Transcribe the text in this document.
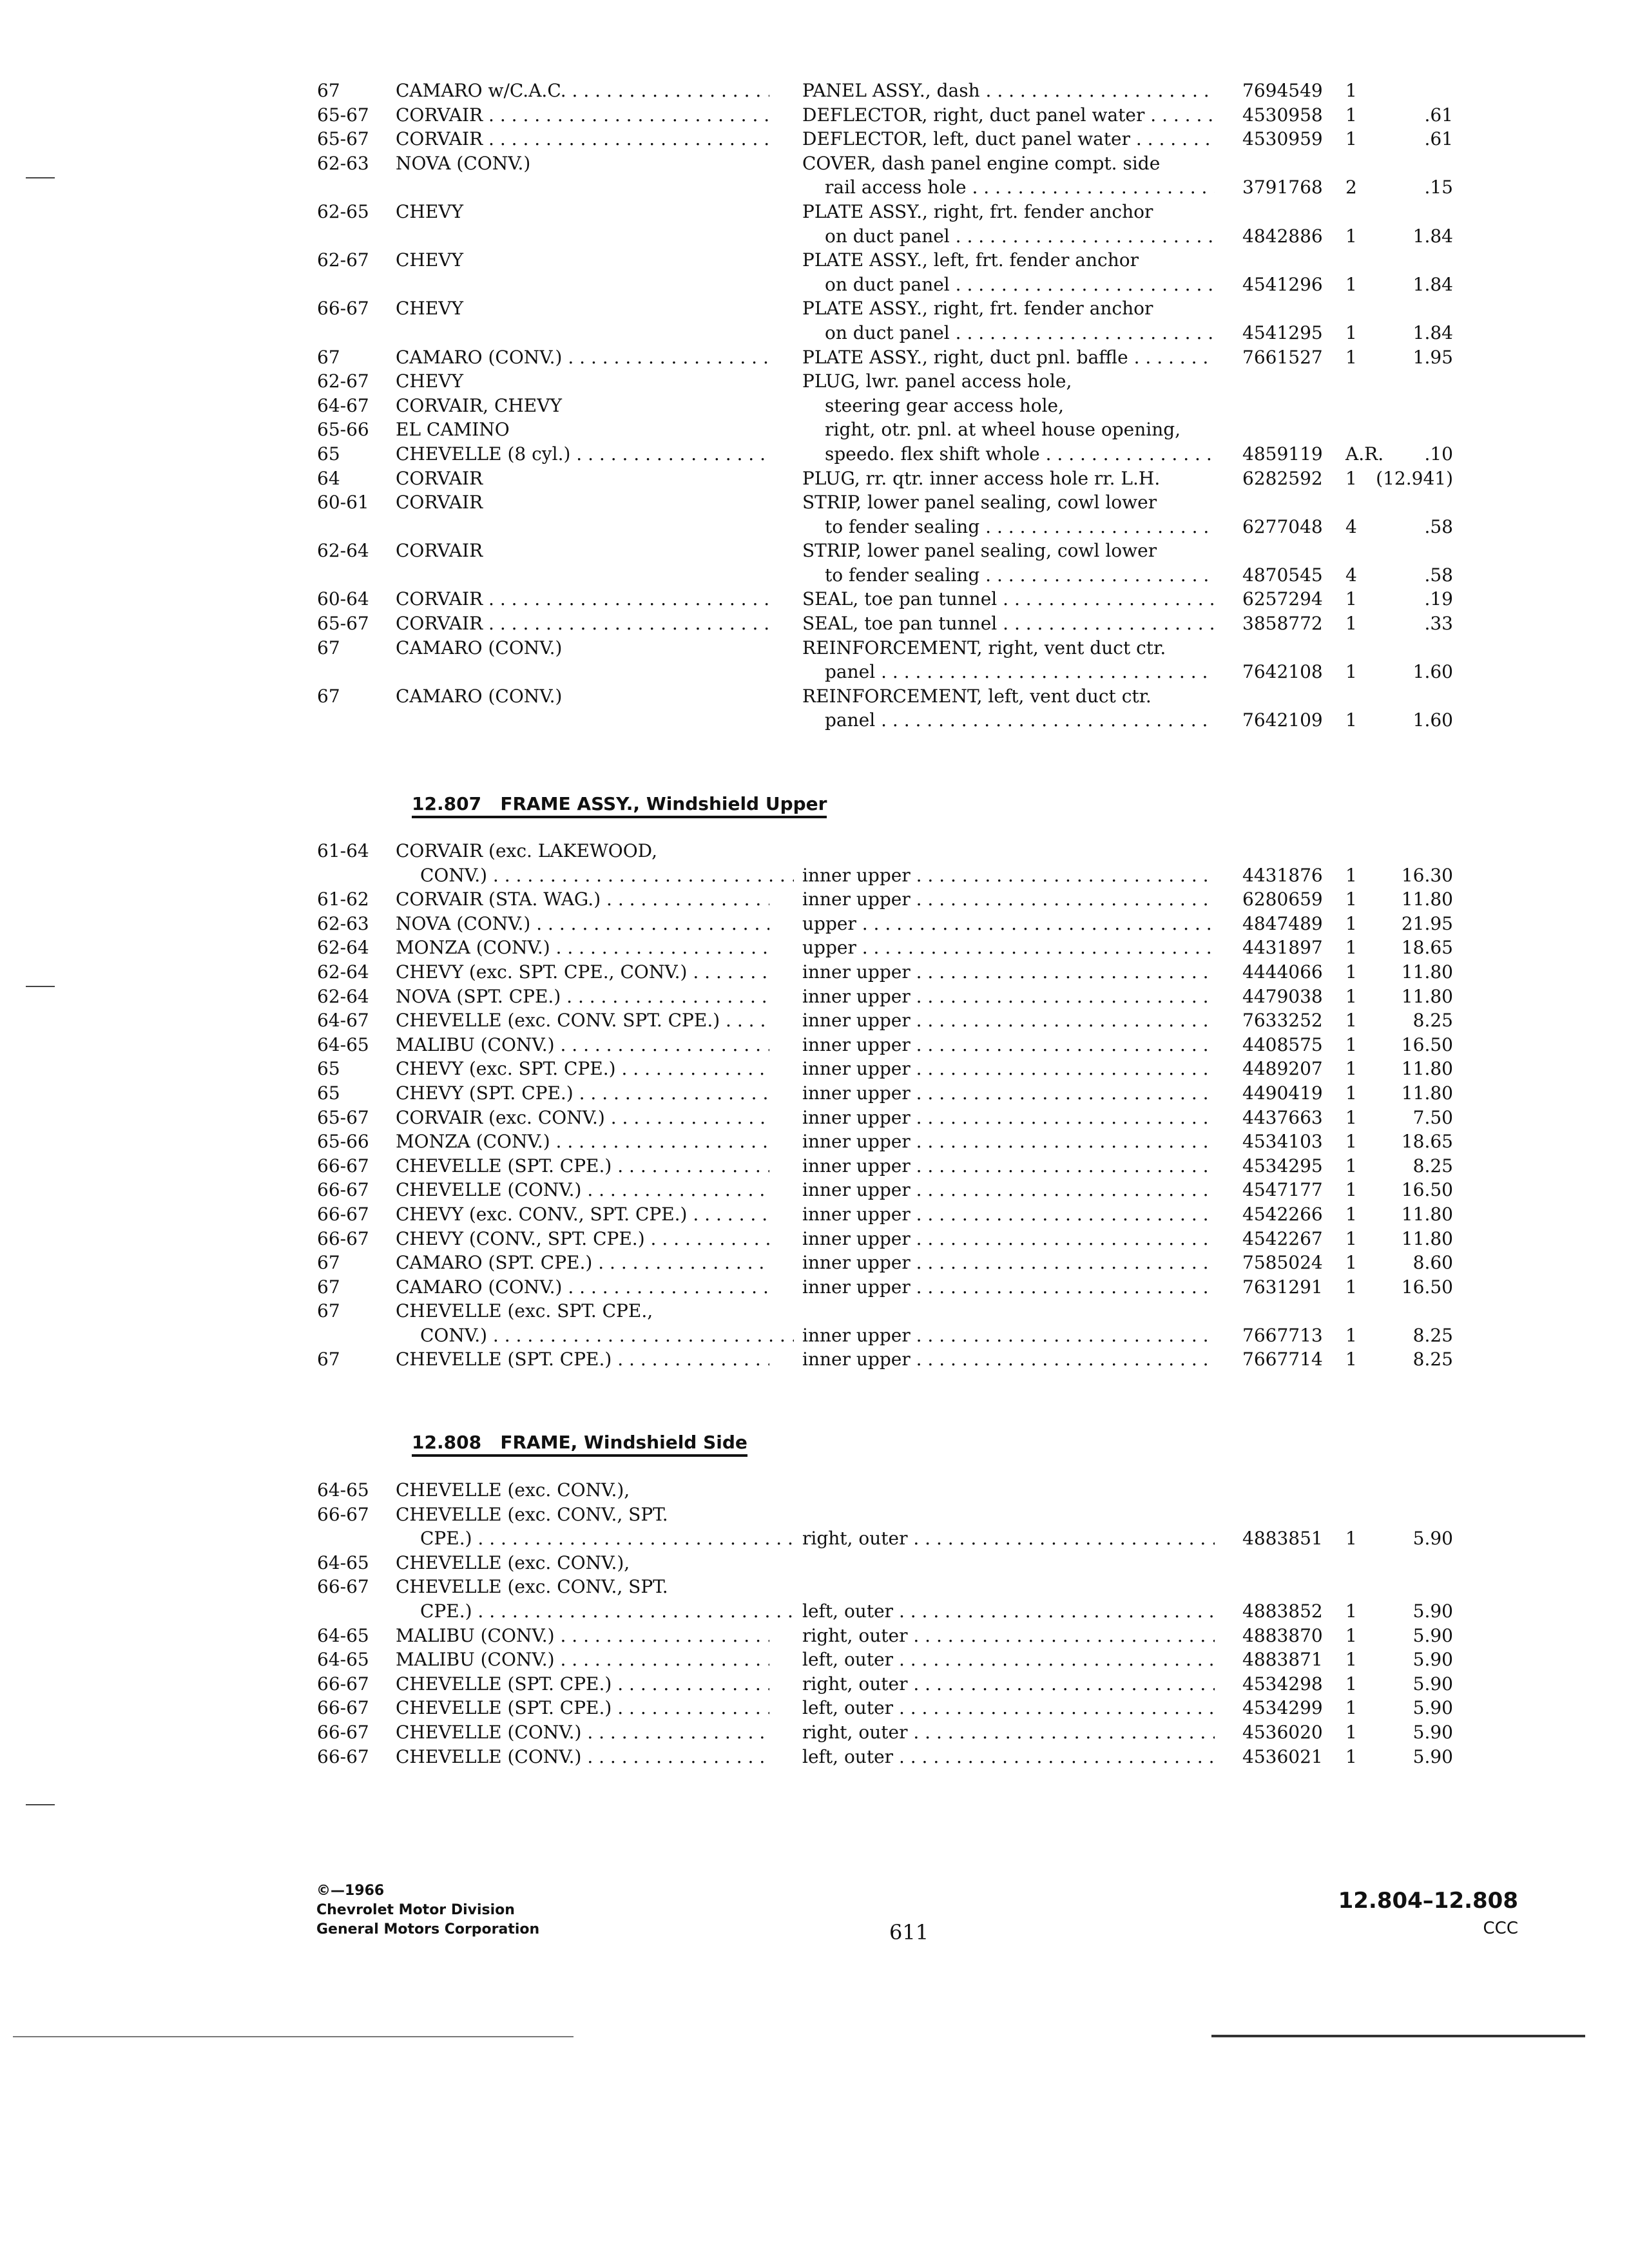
67	CAMARO w/C.A.C. . . .	PANEL ASSY., dash . . .	7694549 1
65-67 CORVAIR . . .	DEFLECTOR, right, duct panel water . . .	4530958 1	.61
65-67 CORVAIR . . .	DEFLECTOR, left, duct panel water . . .	4530959 1	.61
62-63 NOVA (CONV.)	COVER, dash panel engine compt. side
rail access hole . . .	3791768 2	.15
62-65 CHEVY	PLATE ASSY., right, frt. fender anchor
on duct panel . . .	4842886 1	1.84
62-67 CHEVY	PLATE ASSY., left, frt. fender anchor
on duct panel . . .	4541296 1	1.84
66-67 CHEVY	PLATE ASSY., right, frt. fender anchor
on duct panel . . .	4541295 1	1.84
67	CAMARO (CONV.) . . .	PLATE ASSY., right, duct pnl. baffle . . .	7661527 1	1.95
62-67 CHEVY	PLUG, lwr. panel access hole,
64-67 CORVAIR, CHEVY	steering gear access hole,
65-66 EL CAMINO	right, otr. pnl. at wheel house opening,
65	CHEVELLE (8 cyl.) . . .	speedo. flex shift whole . . .	4859119 A.R. .10
64	CORVAIR	PLUG, rr. qtr. inner access hole rr. L.H.	6282592 1	(12.941)
60-61 CORVAIR	STRIP, lower panel sealing, cowl lower
to fender sealing . . .	6277048 4	.58
62-64 CORVAIR	STRIP, lower panel sealing, cowl lower
to fender sealing . . .	4870545 4	.58
60-64 CORVAIR . . .	SEAL, toe pan tunnel . . .	6257294 1	.19
65-67 CORVAIR . . .	SEAL, toe pan tunnel . . .	3858772 1	.33
67	CAMARO (CONV.)	REINFORCEMENT, right, vent duct ctr.
panel . . .	7642108 1	1.60
67	CAMARO (CONV.)	REINFORCEMENT, left, vent duct ctr.
panel . . .	7642109 1	1.60
12.807 FRAME ASSY., Windshield Upper
61-64 CORVAIR (exc. LAKEWOOD,
CONV.) . . .	inner upper . . .	4431876 1	16.30
61-62 CORVAIR (STA. WAG.) . . .	inner upper . . .	6280659 1	11.80
62-63 NOVA (CONV.) . . .	upper . . .	4847489 1	21.95
62-64 MONZA (CONV.) . . .	upper . . .	4431897 1	18.65
62-64 CHEVY (exc. SPT. CPE., CONV.) . . .	inner upper . . .	4444066 1	11.80
62-64 NOVA (SPT. CPE.) . . .	inner upper . . .	4479038 1	11.80
64-67 CHEVELLE (exc. CONV. SPT. CPE.) . . .	inner upper . . .	7633252 1	8.25
64-65 MALIBU (CONV.) . . .	inner upper . . .	4408575 1	16.50
65	CHEVY (exc. SPT. CPE.) . . .	inner upper . . .	4489207 1	11.80
65	CHEVY (SPT. CPE.) . . .	inner upper . . .	4490419 1	11.80
65-67 CORVAIR (exc. CONV.) . . .	inner upper . . .	4437663 1	7.50
65-66 MONZA (CONV.) . . .	inner upper . . .	4534103 1	18.65
66-67 CHEVELLE (SPT. CPE.) . . .	inner upper . . .	4534295 1	8.25
66-67 CHEVELLE (CONV.) . . .	inner upper . . .	4547177 1	16.50
66-67 CHEVY (exc. CONV., SPT. CPE.) . . .	inner upper . . .	4542266 1	11.80
66-67 CHEVY (CONV., SPT. CPE.) . . .	inner upper . . .	4542267 1	11.80
67	CAMARO (SPT. CPE.) . . .	inner upper . . .	7585024 1	8.60
67	CAMARO (CONV.) . . .	inner upper . . .	7631291 1	16.50
67	CHEVELLE (exc. SPT. CPE.,
CONV.) . . .	inner upper . . .	7667713 1	8.25
67	CHEVELLE (SPT. CPE.) . . .	inner upper . . .	7667714 1	8.25
12.808 FRAME, Windshield Side
64-65 CHEVELLE (exc. CONV.),
66-67 CHEVELLE (exc. CONV., SPT.
CPE.) . . .	right, outer . . .	4883851 1	5.90
64-65 CHEVELLE (exc. CONV.),
66-67 CHEVELLE (exc. CONV., SPT.
CPE.) . . .	left, outer . . .	4883852 1	5.90
64-65 MALIBU (CONV.) . . .	right, outer . . .	4883870 1	5.90
64-65 MALIBU (CONV.) . . .	left, outer . . .	4883871 1	5.90
66-67 CHEVELLE (SPT. CPE.) . . .	right, outer . . .	4534298 1	5.90
66-67 CHEVELLE (SPT. CPE.) . . .	left, outer . . .	4534299 1	5.90
66-67 CHEVELLE (CONV.) . . .	right, outer . . .	4536020 1	5.90
66-67 CHEVELLE (CONV.) . . .	left, outer . . .	4536021 1	5.90
©—1966
Chevrolet Motor Division
General Motors Corporation	611
12.804–12.808
CCC
